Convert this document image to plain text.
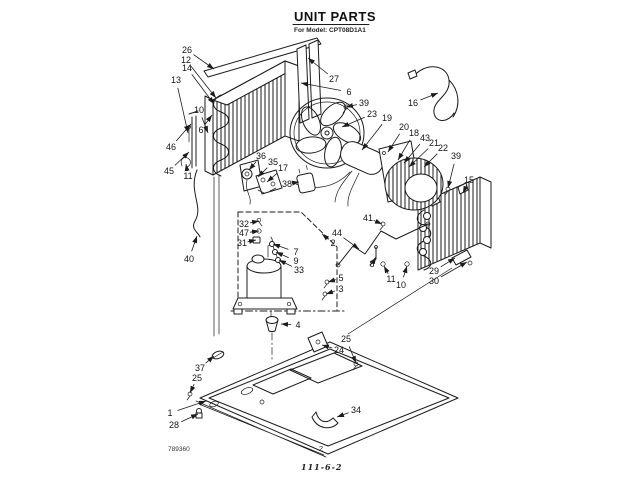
UNIT PARTS
For Model: CPT08D1A1
26
12
14
13
10
6
46
45 11
40
27
6
39
23 19
20
18 43
21
22
16
39
15
36
35
17
38
32
47
31	2
7
9
33
41
44
8
5
3
11
10
29
30
4
24
25
37
25
1
28
34
789360	2
111-6-2
